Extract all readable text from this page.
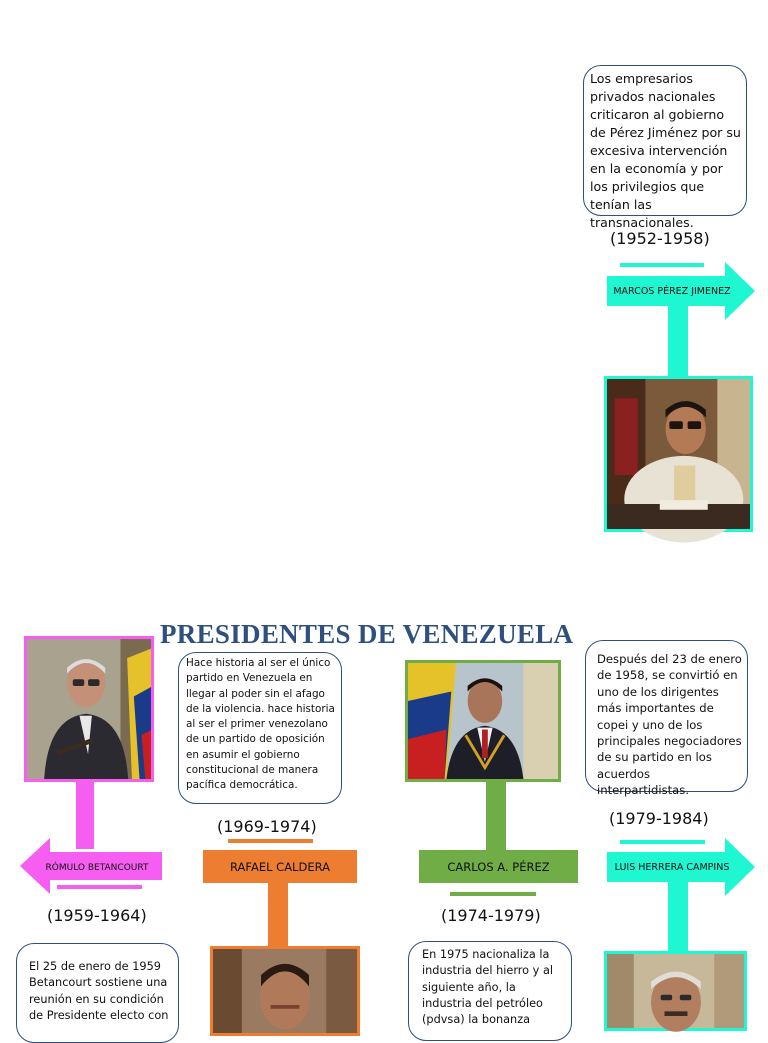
Los empresarios privados nacionales criticaron al gobierno de Pérez Jiménez por su excesiva intervención en la economía y por los privilegios que tenían las transnacionales.
(1952-1958)
MARCOS PÉREZ JIMENEZ
PRESIDENTES DE VENEZUELA
RÓMULO BETANCOURT
(1959-1964)
El 25 de enero de 1959 Betancourt sostiene una reunión en su condición de Presidente electo con
Hace historia al ser el único partido en Venezuela en llegar al poder sin el afago de la violencia. hace historia al ser el primer venezolano de un partido de oposición en asumir el gobierno constitucional de manera pacífica democrática.
(1969-1974)
RAFAEL CALDERA	CARLOS A. PÉREZ
(1974-1979)
En 1975 nacionaliza la industria del hierro y al siguiente año, la industria del petróleo (pdvsa) la bonanza
Después del 23 de enero de 1958, se convirtió en uno de los dirigentes más importantes de copei y uno de los principales negociadores de su partido en los acuerdos interpartidistas.
(1979-1984)
LUIS HERRERA CAMPINS
